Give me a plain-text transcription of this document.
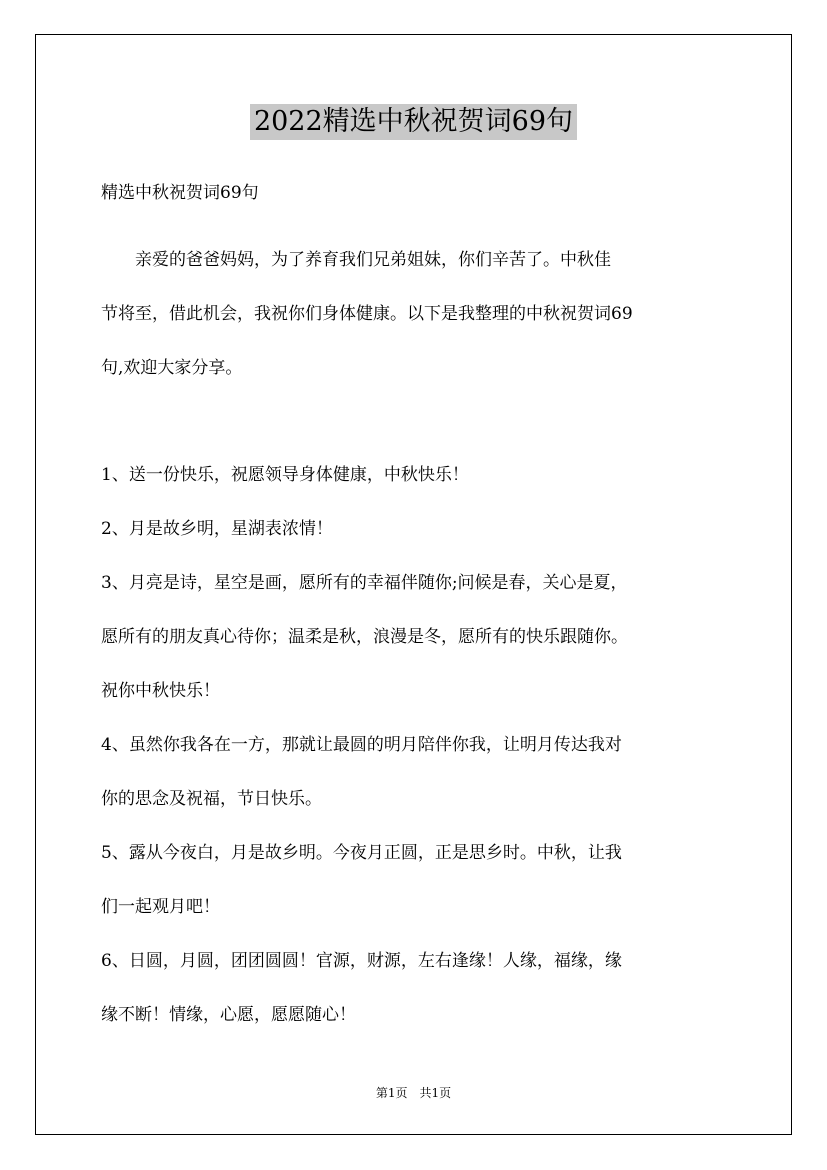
2022精选中秋祝贺词69句
精选中秋祝贺词69句
　　亲爱的爸爸妈妈，为了养育我们兄弟姐妹，你们辛苦了。中秋佳
节将至，借此机会，我祝你们身体健康。以下是我整理的中秋祝贺词69
句,欢迎大家分享。
1、送一份快乐，祝愿领导身体健康，中秋快乐！
2、月是故乡明，星湖表浓情！
3、月亮是诗，星空是画，愿所有的幸福伴随你;问候是春，关心是夏，
愿所有的朋友真心待你；温柔是秋，浪漫是冬，愿所有的快乐跟随你。
祝你中秋快乐！
4、虽然你我各在一方，那就让最圆的明月陪伴你我，让明月传达我对
你的思念及祝福，节日快乐。
5、露从今夜白，月是故乡明。今夜月正圆，正是思乡时。中秋，让我
们一起观月吧！
6、日圆，月圆，团团圆圆！官源，财源，左右逢缘！人缘，福缘，缘
缘不断！情缘，心愿，愿愿随心！
第1页　共1页
